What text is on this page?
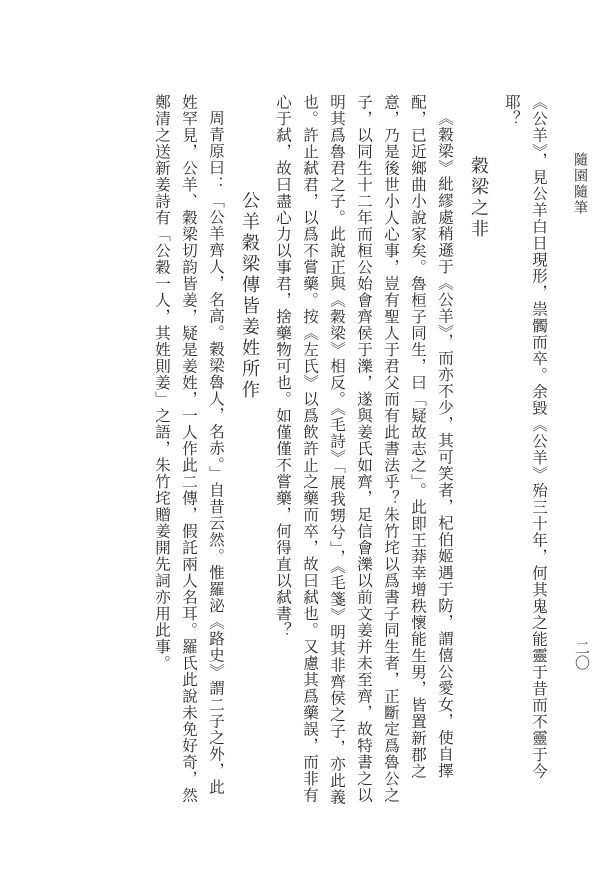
隨園隨筆
二〇

《公羊》，見公羊白日現形，祟髑而卒。余毀《公羊》殆三十年，何其鬼之能靈于昔而不靈于今耶？

穀梁之非

《穀梁》紕繆處稍遜于《公羊》，而亦不少，其可笑者，杞伯姬遇于防，謂僖公愛女，使自擇配，已近鄉曲小說家矣。魯桓子同生，曰「疑故志之」。此即王莽幸增秩懷能生男，皆置新郡之意，乃是後世小人心事，豈有聖人于君父而有此書法乎？朱竹垞以爲書子同生者，正斷定爲魯公之子，以同生十二年而桓公始會齊侯于濼，遂與姜氏如齊，足信會濼以前文姜并未至齊，故特書之以明其爲魯君之子。此說正與《穀梁》相反。《毛詩》「展我甥兮」，《毛箋》明其非齊侯之子，亦此義也。許止弑君，以爲不嘗藥。按《左氏》以爲飲許止之藥而卒，故曰弑也。又慮其爲藥誤，而非有心于弑，故曰盡心力以事君，捨藥物可也。如僅僅不嘗藥，何得直以弑書？

公羊穀梁傳皆姜姓所作

周青原曰：「公羊齊人，名高。穀梁魯人，名赤。」自昔云然。惟羅泌《路史》謂二子之外，此姓罕見，公羊、穀梁切韵皆姜，疑是姜姓，一人作此二傳，假託兩人名耳。羅氏此說未免好奇，然鄭清之送新姜詩有「公穀一人，其姓則姜」之語，朱竹垞贈姜開先詞亦用此事。
